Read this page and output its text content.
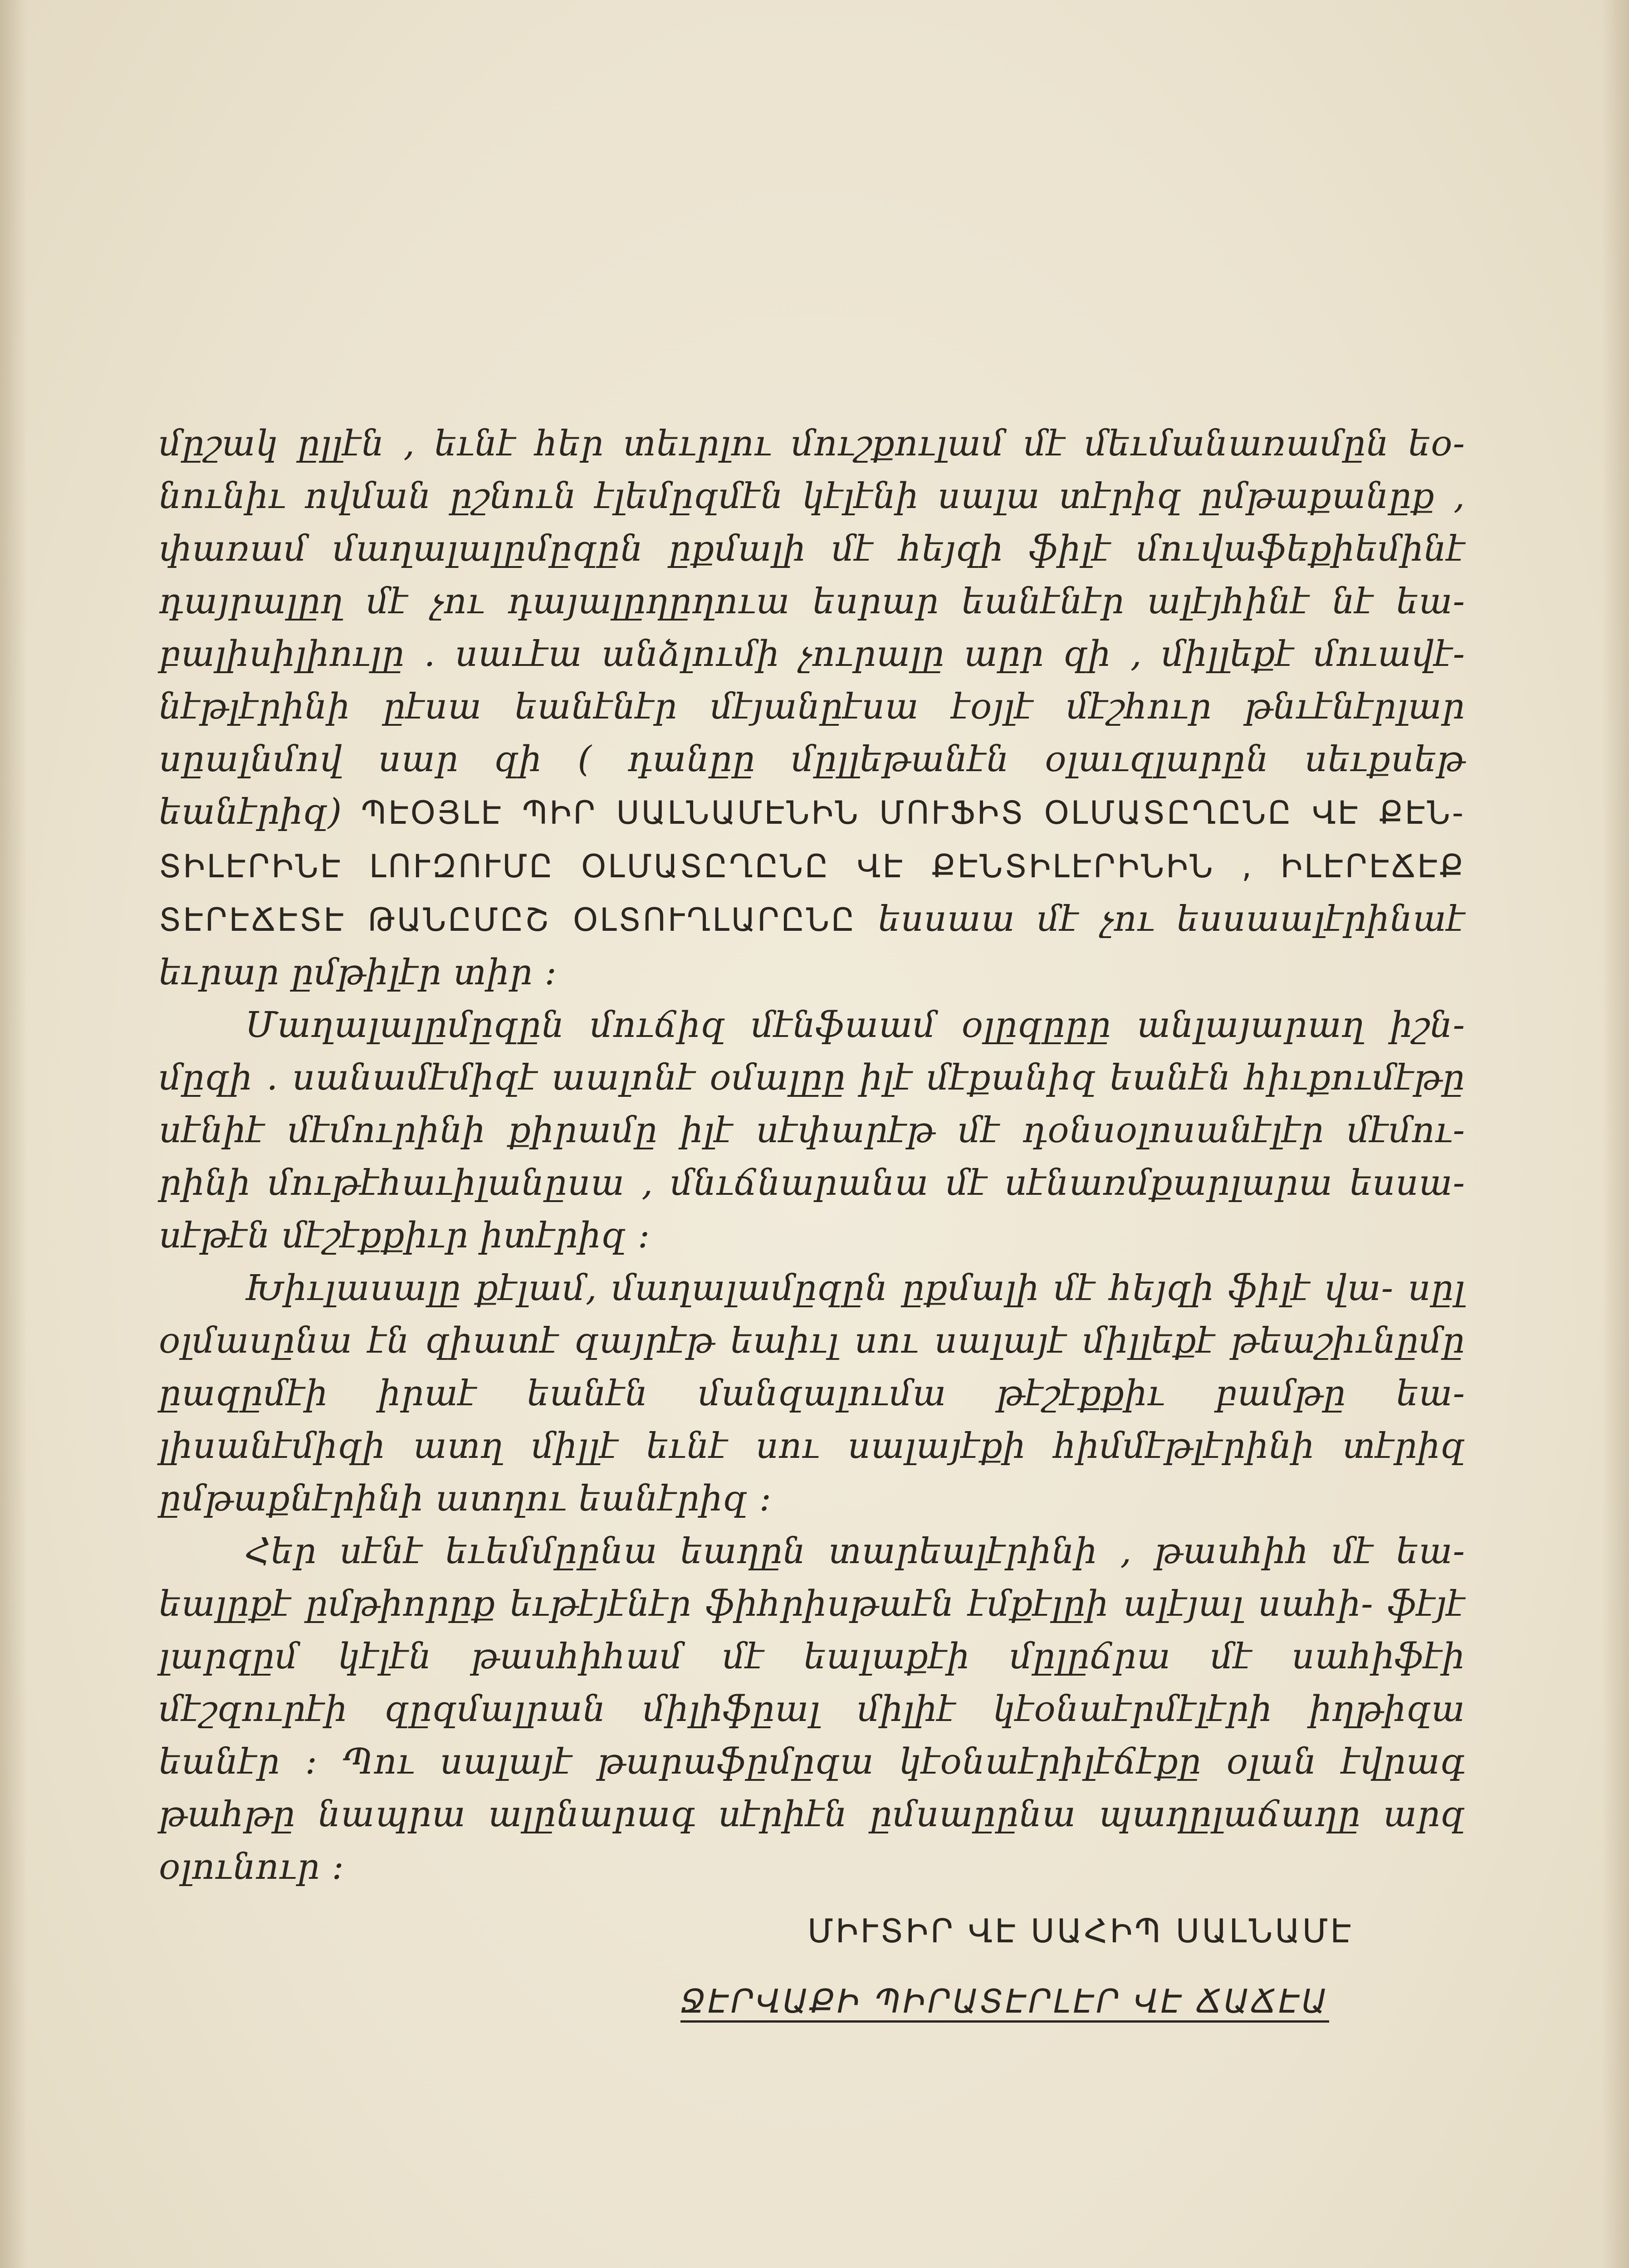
մըշակ ըլլէն , եւնէ հեր տեւրլու մուշքուլամ մէ մեւմանառամըն եօ- նունիւ ովման ըշնուն էլեմըզմէն կէլէնի սալա տէրիզ ըմթաքանըք , փառամ մաղալալըմըզըն ըքմալի մէ հեյզի ֆիլէ մուվաֆեքիեմինէ դայրալըղ մէ չու դայալըղըղուա եսրար եանէնէր ալէյհինէ նէ եա- բալիսիլիուլը . սաւէա անձլումի չուրալը աըր զի , միլլեքէ մուավէ- նէթլէրինի ըէսա եանէնէր մէյանըէսա էօյլէ մէշհուր թնւէնէրլար սըալնմով սար զի ( դանըը մըլլեթանէն օլաւզլարըն սեւքսեթ եանէրիզ) ՊԷՕՅԼԷ ՊԻՐ ՍԱԼՆԱՄԷՆԻՆ ՄՈՒՖԻՏ ՕԼՄԱՏԸՂԸՆԸ ՎԷ ՔԷՆ- ՏԻԼԷՐԻՆԷ ԼՈՒԶՈՒՄԸ ՕԼՄԱՏԸՂԸՆԸ ՎԷ ՔԷՆՏԻԼԷՐԻՆԻՆ , ԻԼԷՐԷՃԷՔ ՏԷՐԷՃԷՏԷ ԹԱՆԸՄԸՇ ՕԼՏՈՒՂԼԱՐԸՆԸ եսսաա մէ չու եսսաալէրինաէ եւրար ըմթիլէր տիր ։

Մաղալալըմըզըն մուճիզ մէնֆաամ օլըզըըը անլայարաղ իշն- մըզի . սանամէմիզէ աալոնէ օմալըը իլէ մէքանիզ եանէն հիւքումէթը սէնիէ մէմուրինի քիրամը իլէ սէփարէթ մէ դօնսօլոսանէլէր մէմու- րինի մութէհաւիլանըսա , մնւճնարանա մէ սէնառմքարլարա եսսա- սէթէն մէշէքքիւր իտէրիզ ։

Խիւլասալը քէլամ, մաղալամըզըն ըքմալի մէ հեյզի ֆիլէ վա- սըլ օլմասընա էն զիատէ զայրէթ եաիւլ սու սալայէ միլլեքէ թեաշիւնըմը ըազըմէի իրաէ եանէն մանզալումա թէշէքքիւ բամթը եա- լիսանէմիզի ատղ միլլէ եւնէ սու սալայէքի հիմմէթլէրինի տէրիզ ըմթաքնէրինի ատղու եանէրիզ ։

Հեր սէնէ եւեմմըընա եաղըն տարեալէրինի , թասհիհ մէ եա- եալըքէ ըմթիորըք եւթէյէնէր ֆիհրիսթաէն էմքէլըի ալէյալ սահի- ֆէյէ լարզըմ կէլէն թասհիհամ մէ եալաքէի մըլըճրա մէ սահիֆէի մէշզուրէի զըզմալրան միլիֆըալ միլիէ կէօնաէրմէլէրի իղթիզա եանէր ։ Պու սալայէ թարաֆըմըզա կէօնաէրիլէճէքը օլան էվրագ թահթը նապրա ալընարագ սէրիէն ըմսաըընա պաղըլաճաղը արզ օլունուր ։

ՄԻՒՏԻՐ ՎԷ ՍԱՀԻՊ ՍԱԼՆԱՄԷ
ՋԷՐՎԱՔԻ ՊԻՐԱՏԷՐԼԷՐ ՎԷ ՃԱՃԷԱ
